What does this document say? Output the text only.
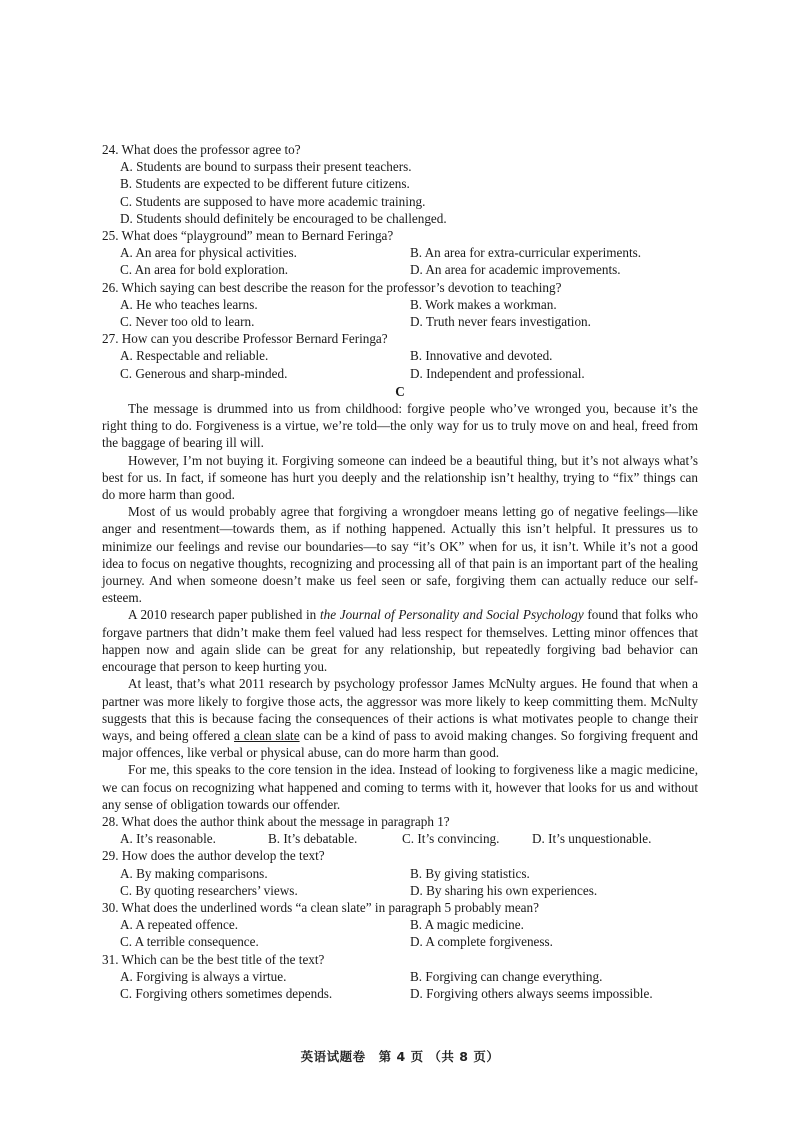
24. What does the professor agree to?
A. Students are bound to surpass their present teachers.
B. Students are expected to be different future citizens.
C. Students are supposed to have more academic training.
D. Students should definitely be encouraged to be challenged.
25. What does “playground” mean to Bernard Feringa?
A. An area for physical activities.	B. An area for extra-curricular experiments.
C. An area for bold exploration.	D. An area for academic improvements.
26. Which saying can best describe the reason for the professor’s devotion to teaching?
A. He who teaches learns.	B. Work makes a workman.
C. Never too old to learn.	D. Truth never fears investigation.
27. How can you describe Professor Bernard Feringa?
A. Respectable and reliable.	B. Innovative and devoted.
C. Generous and sharp-minded.	D. Independent and professional.
C

The message is drummed into us from childhood: forgive people who’ve wronged you, because it’s the right thing to do. Forgiveness is a virtue, we’re told—the only way for us to truly move on and heal, freed from the baggage of bearing ill will.

However, I’m not buying it. Forgiving someone can indeed be a beautiful thing, but it’s not always what’s best for us. In fact, if someone has hurt you deeply and the relationship isn’t healthy, trying to “fix” things can do more harm than good.

Most of us would probably agree that forgiving a wrongdoer means letting go of negative feelings—like anger and resentment—towards them, as if nothing happened. Actually this isn’t helpful. It pressures us to minimize our feelings and revise our boundaries—to say “it’s OK” when for us, it isn’t. While it’s not a good idea to focus on negative thoughts, recognizing and processing all of that pain is an important part of the healing journey. And when someone doesn’t make us feel seen or safe, forgiving them can actually reduce our self-esteem.

A 2010 research paper published in the Journal of Personality and Social Psychology found that folks who forgave partners that didn’t make them feel valued had less respect for themselves. Letting minor offences that happen now and again slide can be great for any relationship, but repeatedly forgiving bad behavior can encourage that person to keep hurting you.

At least, that’s what 2011 research by psychology professor James McNulty argues. He found that when a partner was more likely to forgive those acts, the aggressor was more likely to keep committing them. McNulty suggests that this is because facing the consequences of their actions is what motivates people to change their ways, and being offered a clean slate can be a kind of pass to avoid making changes. So forgiving frequent and major offences, like verbal or physical abuse, can do more harm than good.

For me, this speaks to the core tension in the idea. Instead of looking to forgiveness like a magic medicine, we can focus on recognizing what happened and coming to terms with it, however that looks for us and without any sense of obligation towards our offender.

28. What does the author think about the message in paragraph 1?
A. It’s reasonable.	B. It’s debatable.	C. It’s convincing.	D. It’s unquestionable.
29. How does the author develop the text?
A. By making comparisons.	B. By giving statistics.
C. By quoting researchers’ views.	D. By sharing his own experiences.
30. What does the underlined words “a clean slate” in paragraph 5 probably mean?
A. A repeated offence.	B. A magic medicine.
C. A terrible consequence.	D. A complete forgiveness.
31. Which can be the best title of the text?
A. Forgiving is always a virtue.	B. Forgiving can change everything.
C. Forgiving others sometimes depends.	D. Forgiving others always seems impossible.
英语试题卷　第 4 页 （共 8 页）
